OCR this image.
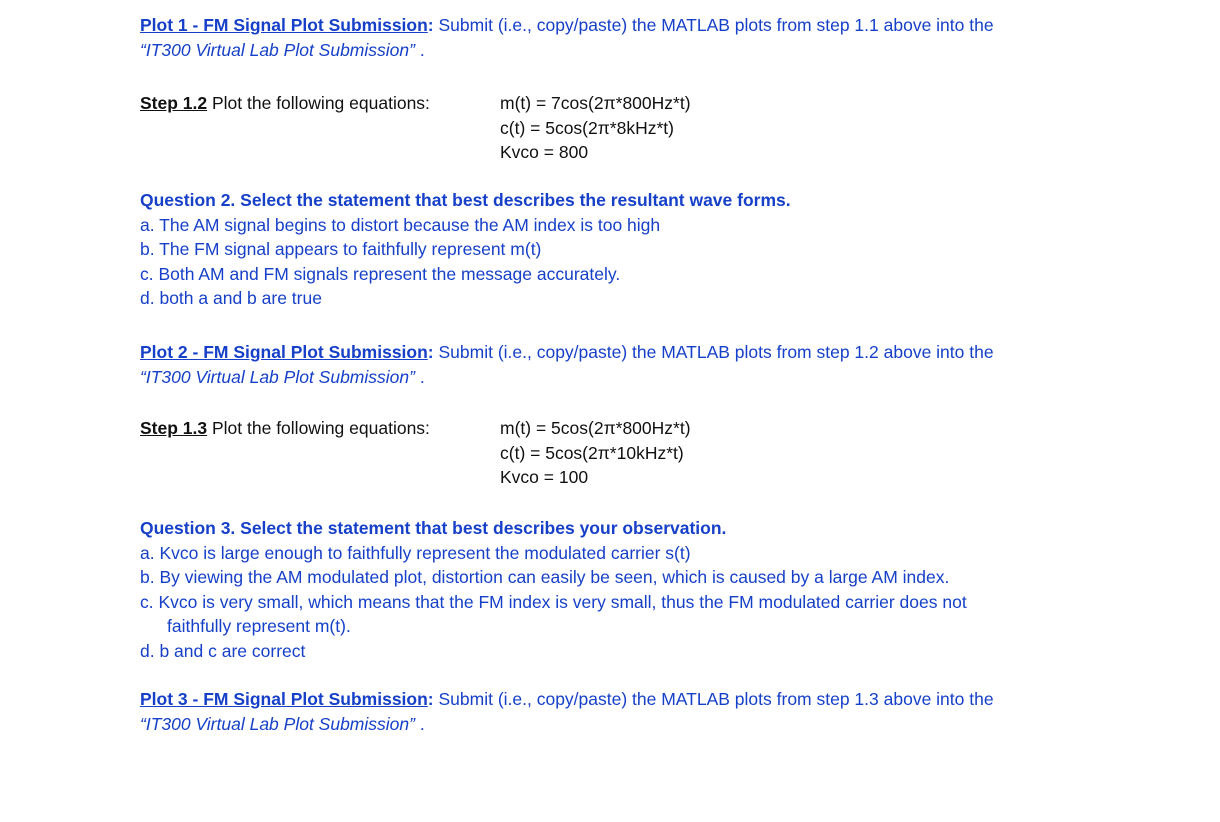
Plot 1 - FM Signal Plot Submission: Submit (i.e., copy/paste) the MATLAB plots from step 1.1 above into the
“IT300 Virtual Lab Plot Submission” .
Step 1.2 Plot the following equations:	m(t) = 7cos(2π*800Hz*t)
c(t) = 5cos(2π*8kHz*t)
Kvco = 800
Question 2. Select the statement that best describes the resultant wave forms.
a. The AM signal begins to distort because the AM index is too high
b. The FM signal appears to faithfully represent m(t)
c. Both AM and FM signals represent the message accurately.
d. both a and b are true
Plot 2 - FM Signal Plot Submission: Submit (i.e., copy/paste) the MATLAB plots from step 1.2 above into the
“IT300 Virtual Lab Plot Submission” .
Step 1.3 Plot the following equations:	m(t) = 5cos(2π*800Hz*t)
c(t) = 5cos(2π*10kHz*t)
Kvco = 100
Question 3. Select the statement that best describes your observation.
a. Kvco is large enough to faithfully represent the modulated carrier s(t)
b. By viewing the AM modulated plot, distortion can easily be seen, which is caused by a large AM index.
c. Kvco is very small, which means that the FM index is very small, thus the FM modulated carrier does not
faithfully represent m(t).
d. b and c are correct
Plot 3 - FM Signal Plot Submission: Submit (i.e., copy/paste) the MATLAB plots from step 1.3 above into the
“IT300 Virtual Lab Plot Submission” .
